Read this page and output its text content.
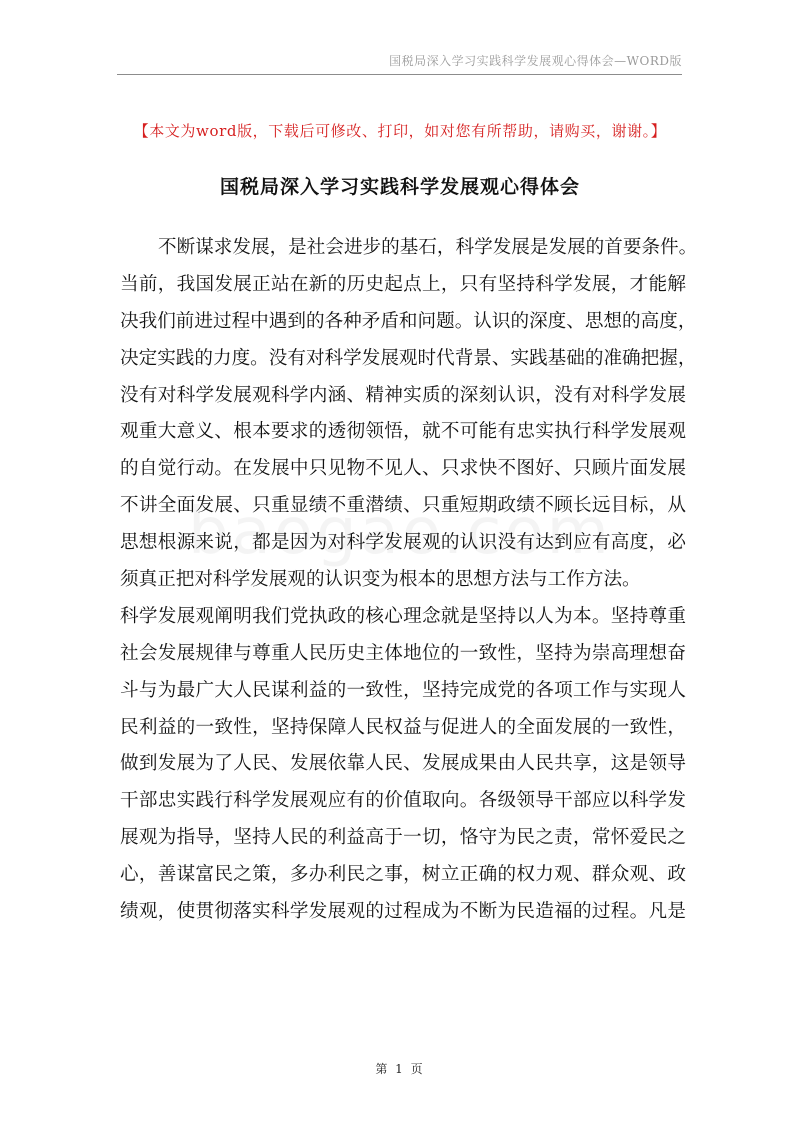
国税局深入学习实践科学发展观心得体会—WORD版
【本文为word版，下载后可修改、打印，如对您有所帮助，请购买，谢谢。】
国税局深入学习实践科学发展观心得体会
不断谋求发展，是社会进步的基石，科学发展是发展的首要条件。
当前，我国发展正站在新的历史起点上，只有坚持科学发展，才能解
决我们前进过程中遇到的各种矛盾和问题。认识的深度、思想的高度，
决定实践的力度。没有对科学发展观时代背景、实践基础的准确把握，
没有对科学发展观科学内涵、精神实质的深刻认识，没有对科学发展
观重大意义、根本要求的透彻领悟，就不可能有忠实执行科学发展观
的自觉行动。在发展中只见物不见人、只求快不图好、只顾片面发展
不讲全面发展、只重显绩不重潜绩、只重短期政绩不顾长远目标，从
思想根源来说，都是因为对科学发展观的认识没有达到应有高度，必
须真正把对科学发展观的认识变为根本的思想方法与工作方法。
科学发展观阐明我们党执政的核心理念就是坚持以人为本。坚持尊重
社会发展规律与尊重人民历史主体地位的一致性，坚持为崇高理想奋
斗与为最广大人民谋利益的一致性，坚持完成党的各项工作与实现人
民利益的一致性，坚持保障人民权益与促进人的全面发展的一致性，
做到发展为了人民、发展依靠人民、发展成果由人民共享，这是领导
干部忠实践行科学发展观应有的价值取向。各级领导干部应以科学发
展观为指导，坚持人民的利益高于一切，恪守为民之责，常怀爱民之
心，善谋富民之策，多办利民之事，树立正确的权力观、群众观、政
绩观，使贯彻落实科学发展观的过程成为不断为民造福的过程。凡是
第 1 页
